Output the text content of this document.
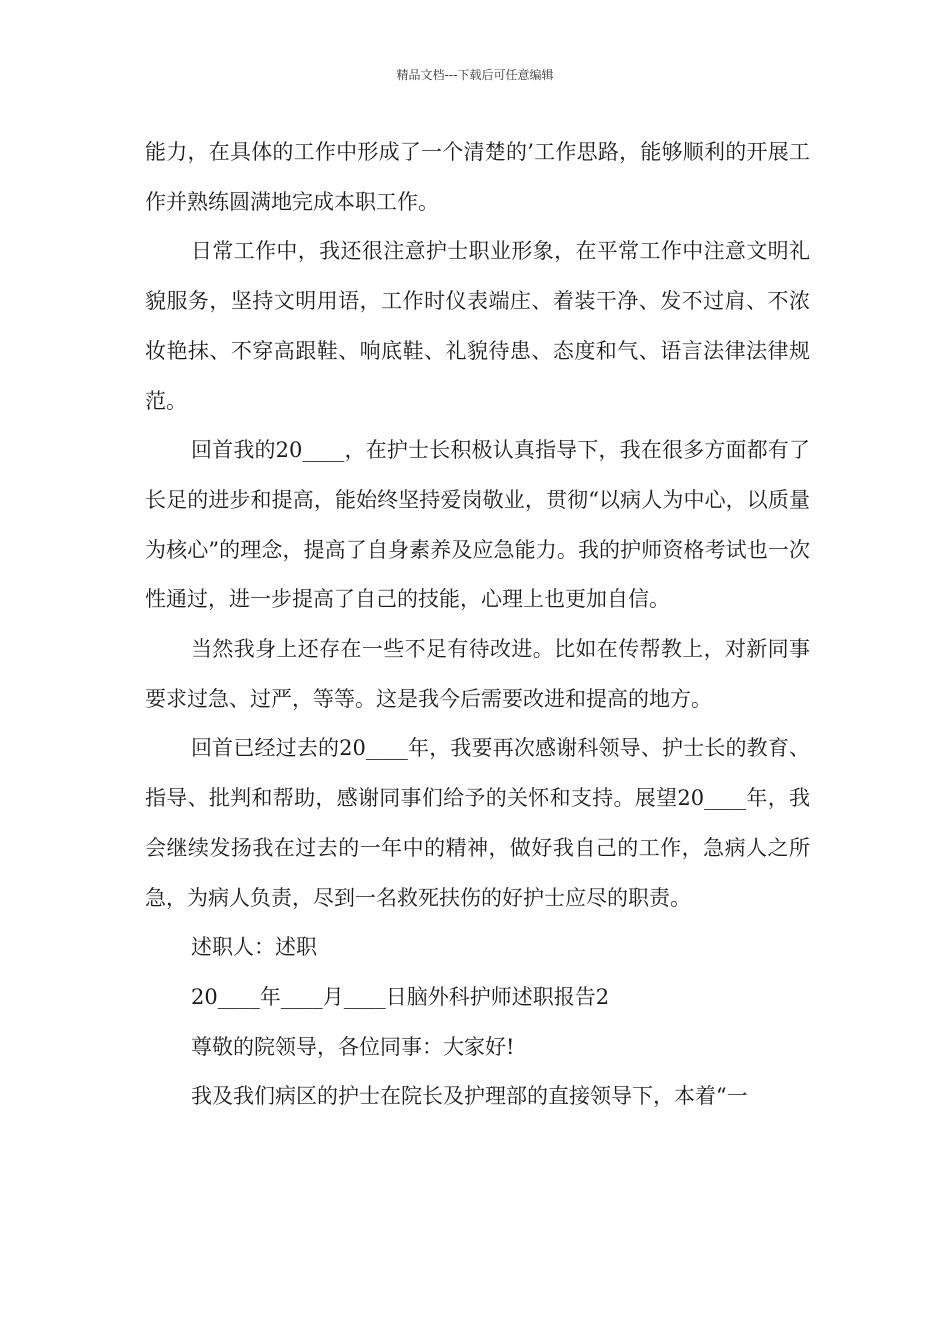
精品文档---下载后可任意编辑

能力，在具体的工作中形成了一个清楚的’工作思路，能够顺利的开展工作并熟练圆满地完成本职工作。

日常工作中，我还很注意护士职业形象，在平常工作中注意文明礼貌服务，坚持文明用语，工作时仪表端庄、着装干净、发不过肩、不浓妆艳抹、不穿高跟鞋、响底鞋、礼貌待患、态度和气、语言法律法律规范。

回首我的20____，在护士长积极认真指导下，我在很多方面都有了长足的进步和提高，能始终坚持爱岗敬业，贯彻“以病人为中心，以质量为核心”的理念，提高了自身素养及应急能力。我的护师资格考试也一次性通过，进一步提高了自己的技能，心理上也更加自信。

当然我身上还存在一些不足有待改进。比如在传帮教上，对新同事要求过急、过严，等等。这是我今后需要改进和提高的地方。

回首已经过去的20____年，我要再次感谢科领导、护士长的教育、指导、批判和帮助，感谢同事们给予的关怀和支持。展望20____年，我会继续发扬我在过去的一年中的精神，做好我自己的工作，急病人之所急，为病人负责，尽到一名救死扶伤的好护士应尽的职责。

述职人：述职

20____年____月____日脑外科护师述职报告2

尊敬的院领导，各位同事：大家好!

我及我们病区的护士在院长及护理部的直接领导下，本着“一
